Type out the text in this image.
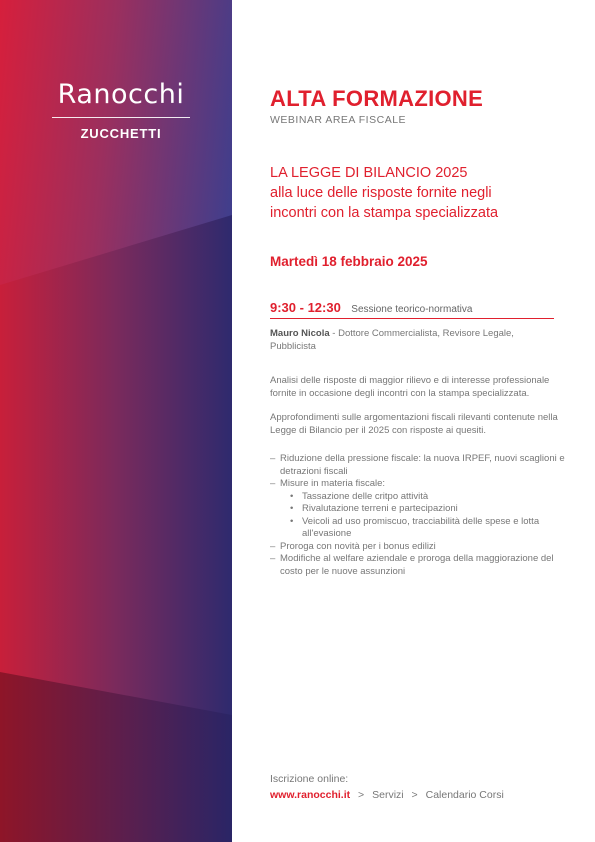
Ranocchi
ZUCCHETTI
ALTA FORMAZIONE
WEBINAR AREA FISCALE
LA LEGGE DI BILANCIO 2025
alla luce delle risposte fornite negli
incontri con la stampa specializzata
Martedì 18 febbraio 2025
9:30 - 12:30 Sessione teorico-normativa
Mauro Nicola - Dottore Commercialista, Revisore Legale, Pubblicista
Analisi delle risposte di maggior rilievo e di interesse professionale fornite in occasione degli incontri con la stampa specializzata.
Approfondimenti sulle argomentazioni fiscali rilevanti contenute nella Legge di Bilancio per il 2025 con risposte ai quesiti.
– Riduzione della pressione fiscale: la nuova IRPEF, nuovi scaglioni e detrazioni fiscali
– Misure in materia fiscale:
• Tassazione delle critpo attività
• Rivalutazione terreni e partecipazioni
• Veicoli ad uso promiscuo, tracciabilità delle spese e lotta all'evasione
– Proroga con novità per i bonus edilizi
– Modifiche al welfare aziendale e proroga della maggiorazione del costo per le nuove assunzioni
Iscrizione online:
www.ranocchi.it > Servizi > Calendario Corsi
